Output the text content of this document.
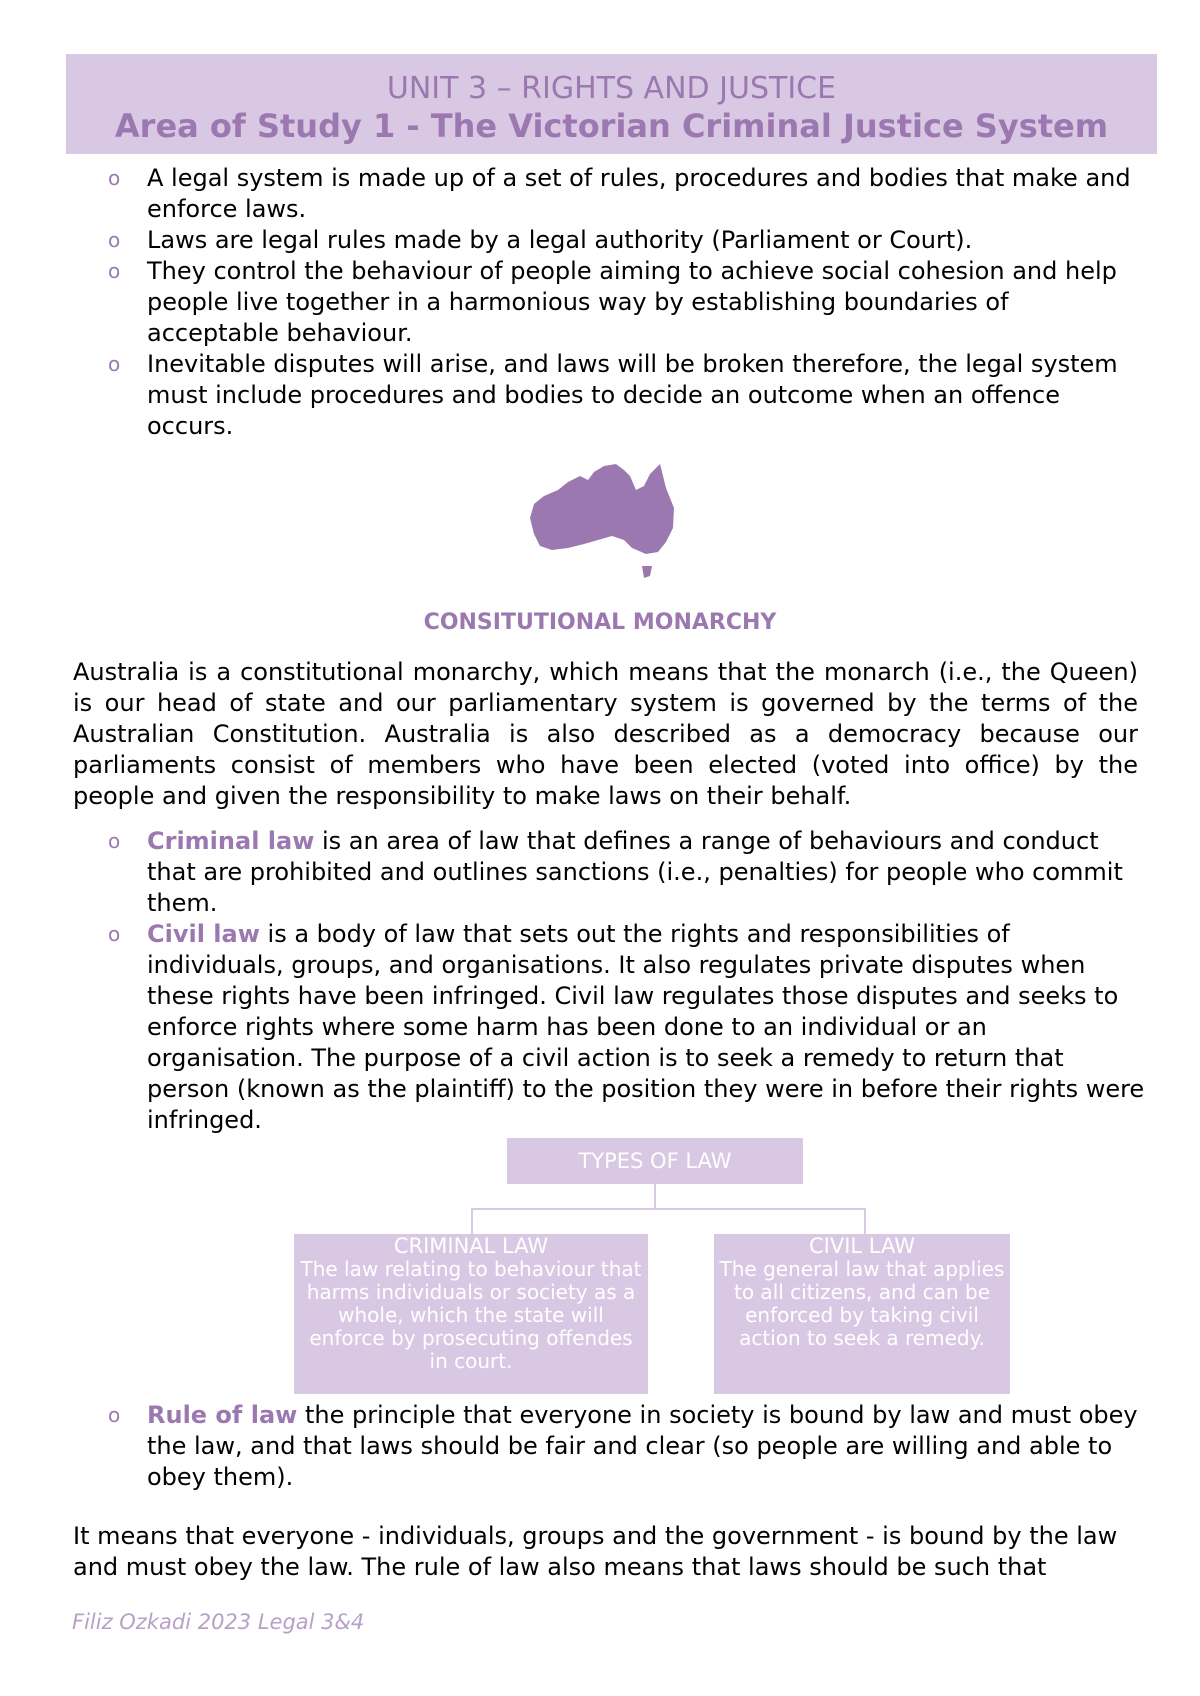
UNIT 3 – RIGHTS AND JUSTICE
Area of Study 1 - The Victorian Criminal Justice System
o A legal system is made up of a set of rules, procedures and bodies that make and enforce laws.
o Laws are legal rules made by a legal authority (Parliament or Court).
o They control the behaviour of people aiming to achieve social cohesion and help people live together in a harmonious way by establishing boundaries of acceptable behaviour.
o Inevitable disputes will arise, and laws will be broken therefore, the legal system must include procedures and bodies to decide an outcome when an offence occurs.
CONSITUTIONAL MONARCHY
Australia is a constitutional monarchy, which means that the monarch (i.e., the Queen) is our head of state and our parliamentary system is governed by the terms of the Australian Constitution. Australia is also described as a democracy because our parliaments consist of members who have been elected (voted into office) by the people and given the responsibility to make laws on their behalf.
o Criminal law is an area of law that defines a range of behaviours and conduct that are prohibited and outlines sanctions (i.e., penalties) for people who commit them.
o Civil law is a body of law that sets out the rights and responsibilities of individuals, groups, and organisations. It also regulates private disputes when these rights have been infringed. Civil law regulates those disputes and seeks to enforce rights where some harm has been done to an individual or an organisation. The purpose of a civil action is to seek a remedy to return that person (known as the plaintiff) to the position they were in before their rights were infringed.
TYPES OF LAW
CRIMINAL LAW
The law relating to behaviour that harms individuals or society as a whole, which the state will enforce by prosecuting offendes in court.
CIVIL LAW
The general law that applies to all citizens, and can be enforced by taking civil action to seek a remedy.
o Rule of law the principle that everyone in society is bound by law and must obey the law, and that laws should be fair and clear (so people are willing and able to obey them).
It means that everyone - individuals, groups and the government - is bound by the law and must obey the law. The rule of law also means that laws should be such that
Filiz Ozkadi 2023 Legal 3&4
